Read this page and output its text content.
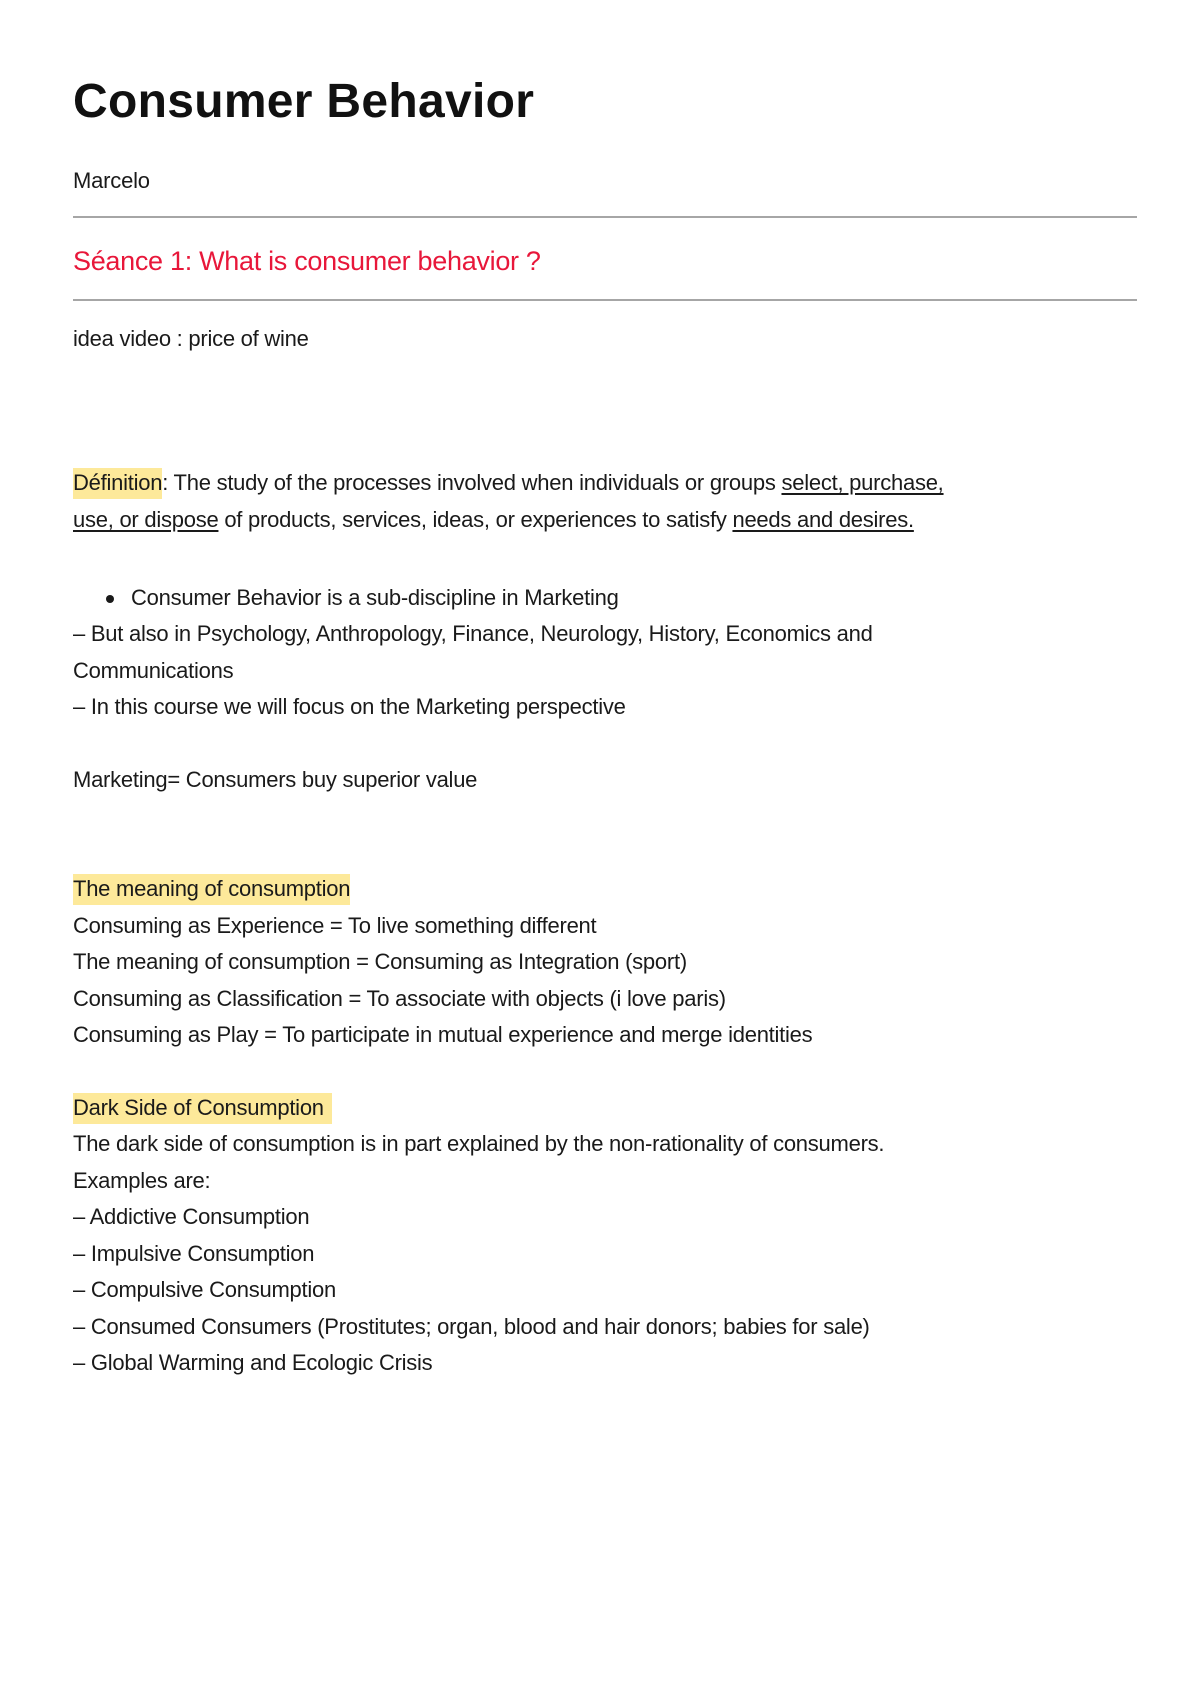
Consumer Behavior
Marcelo
Séance 1: What is consumer behavior ?
idea video : price of wine
Définition: The study of the processes involved when individuals or groups select, purchase,
use, or dispose of products, services, ideas, or experiences to satisfy needs and desires.
Consumer Behavior is a sub-discipline in Marketing
– But also in Psychology, Anthropology, Finance, Neurology, History, Economics and
Communications
– In this course we will focus on the Marketing perspective
Marketing= Consumers buy superior value
The meaning of consumption
Consuming as Experience = To live something different
The meaning of consumption = Consuming as Integration (sport)
Consuming as Classification = To associate with objects (i love paris)
Consuming as Play = To participate in mutual experience and merge identities
Dark Side of Consumption
The dark side of consumption is in part explained by the non-rationality of consumers.
Examples are:
– Addictive Consumption
– Impulsive Consumption
– Compulsive Consumption
– Consumed Consumers (Prostitutes; organ, blood and hair donors; babies for sale)
– Global Warming and Ecologic Crisis
